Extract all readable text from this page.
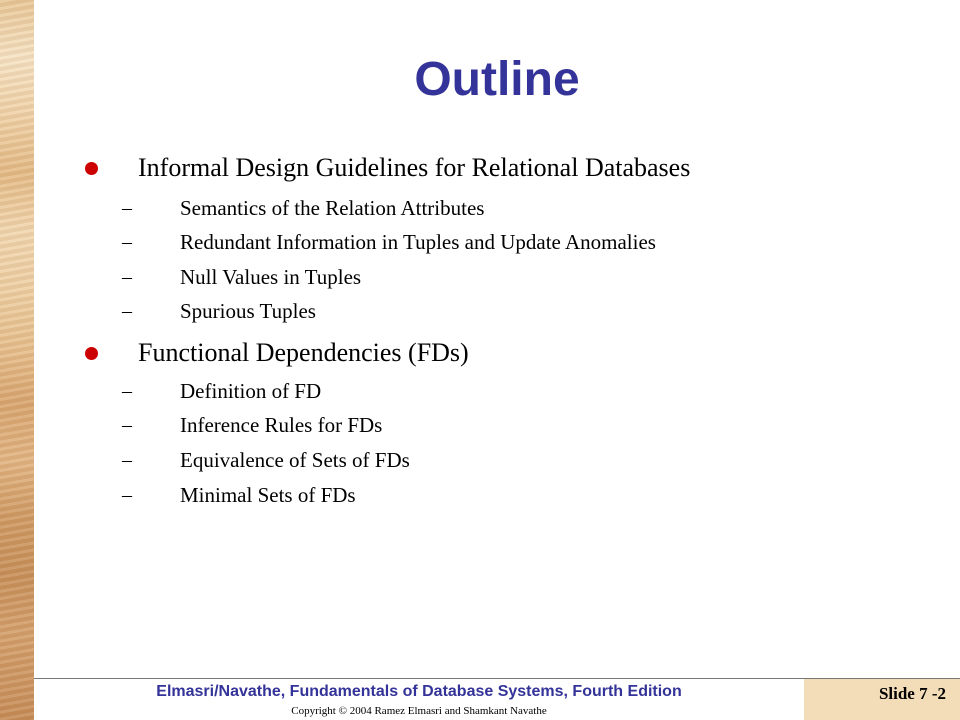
Outline
Informal Design Guidelines for Relational Databases
–	Semantics of the Relation Attributes
–	Redundant Information in Tuples and Update Anomalies
–	Null Values in Tuples
–	Spurious Tuples
Functional Dependencies (FDs)
–	Definition of FD
–	Inference Rules for FDs
–	Equivalence of Sets of FDs
–	Minimal Sets of FDs
Elmasri/Navathe, Fundamentals of Database Systems, Fourth Edition
Copyright © 2004 Ramez Elmasri and Shamkant Navathe
Slide 7 -2
